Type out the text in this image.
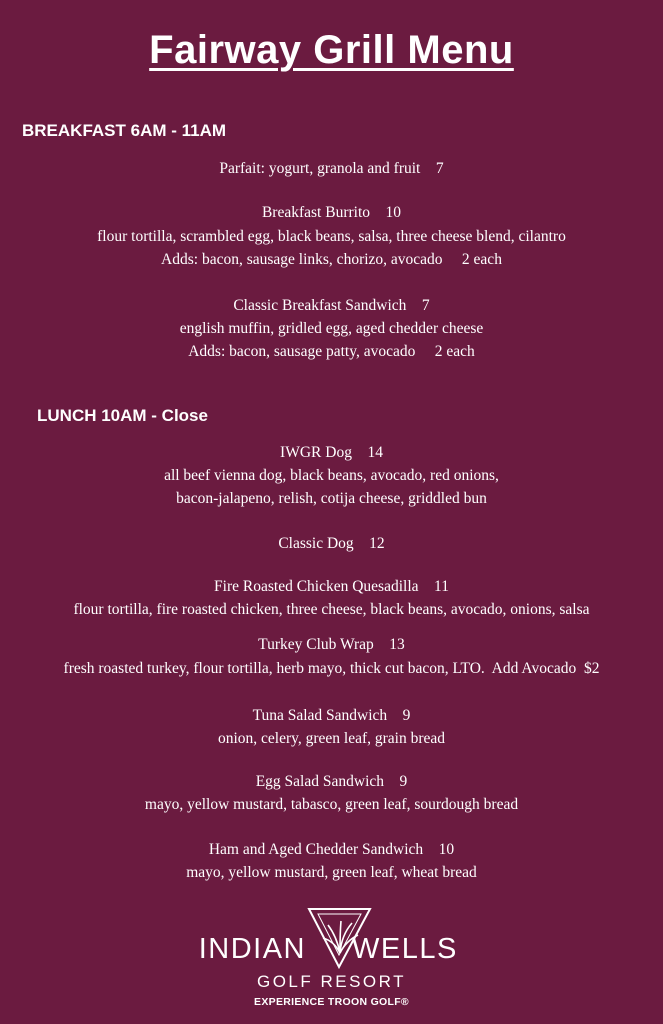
Fairway Grill Menu
BREAKFAST 6AM - 11AM
Parfait: yogurt, granola and fruit    7
Breakfast Burrito    10
flour tortilla, scrambled egg, black beans, salsa, three cheese blend, cilantro
Adds: bacon, sausage links, chorizo, avocado     2 each
Classic Breakfast Sandwich    7
english muffin, gridled egg, aged chedder cheese
Adds: bacon, sausage patty, avocado     2 each
LUNCH 10AM - Close
IWGR Dog    14
all beef vienna dog, black beans, avocado, red onions,
bacon-jalapeno, relish, cotija cheese, griddled bun
Classic Dog    12
Fire Roasted Chicken Quesadilla    11
flour tortilla, fire roasted chicken, three cheese, black beans, avocado, onions, salsa
Turkey Club Wrap    13
fresh roasted turkey, flour tortilla, herb mayo, thick cut bacon, LTO.  Add Avocado  $2
Tuna Salad Sandwich    9
onion, celery, green leaf, grain bread
Egg Salad Sandwich    9
mayo, yellow mustard, tabasco, green leaf, sourdough bread
Ham and Aged Chedder Sandwich    10
mayo, yellow mustard, green leaf, wheat bread
INDIAN WELLS
GOLF RESORT
EXPERIENCE TROON GOLF®
